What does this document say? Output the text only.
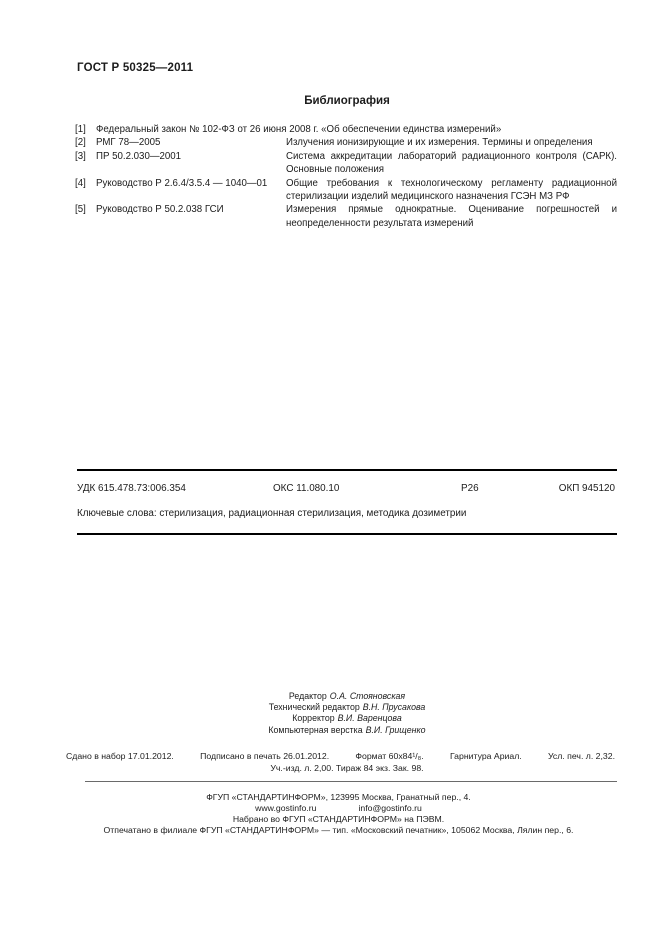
ГОСТ Р 50325—2011
Библиография
[1]	Федеральный закон № 102-ФЗ от 26 июня 2008 г. «Об обеспечении единства измерений»
[2]	РМГ 78—2005	Излучения ионизирующие и их измерения. Термины и определения
[3]	ПР 50.2.030—2001	Система аккредитации лабораторий радиационного контроля (САРК). Основные положения
[4]	Руководство Р 2.6.4/3.5.4 — 1040—01	Общие требования к технологическому регламенту радиационной стерилизации изделий медицинского назначения ГСЭН МЗ РФ
[5]	Руководство Р 50.2.038 ГСИ	Измерения прямые однократные. Оценивание погрешностей и неопределенности результата измерений
УДК 615.478.73:006.354	ОКС 11.080.10	Р26	ОКП 945120
Ключевые слова: стерилизация, радиационная стерилизация, методика дозиметрии
Редактор О.А. Стояновская
Технический редактор В.Н. Прусакова
Корректор В.И. Варенцова
Компьютерная верстка В.И. Грищенко
Сдано в набор 17.01.2012.	Подписано в печать 26.01.2012.	Формат 60х84¹/₈.	Гарнитура Ариал.	Усл. печ. л. 2,32.
Уч.-изд. л. 2,00. Тираж 84 экз. Зак. 98.
ФГУП «СТАНДАРТИНФОРМ», 123995 Москва, Гранатный пер., 4.
www.gostinfo.ru	info@gostinfo.ru
Набрано во ФГУП «СТАНДАРТИНФОРМ» на ПЭВМ.
Отпечатано в филиале ФГУП «СТАНДАРТИНФОРМ» — тип. «Московский печатник», 105062 Москва, Лялин пер., 6.
